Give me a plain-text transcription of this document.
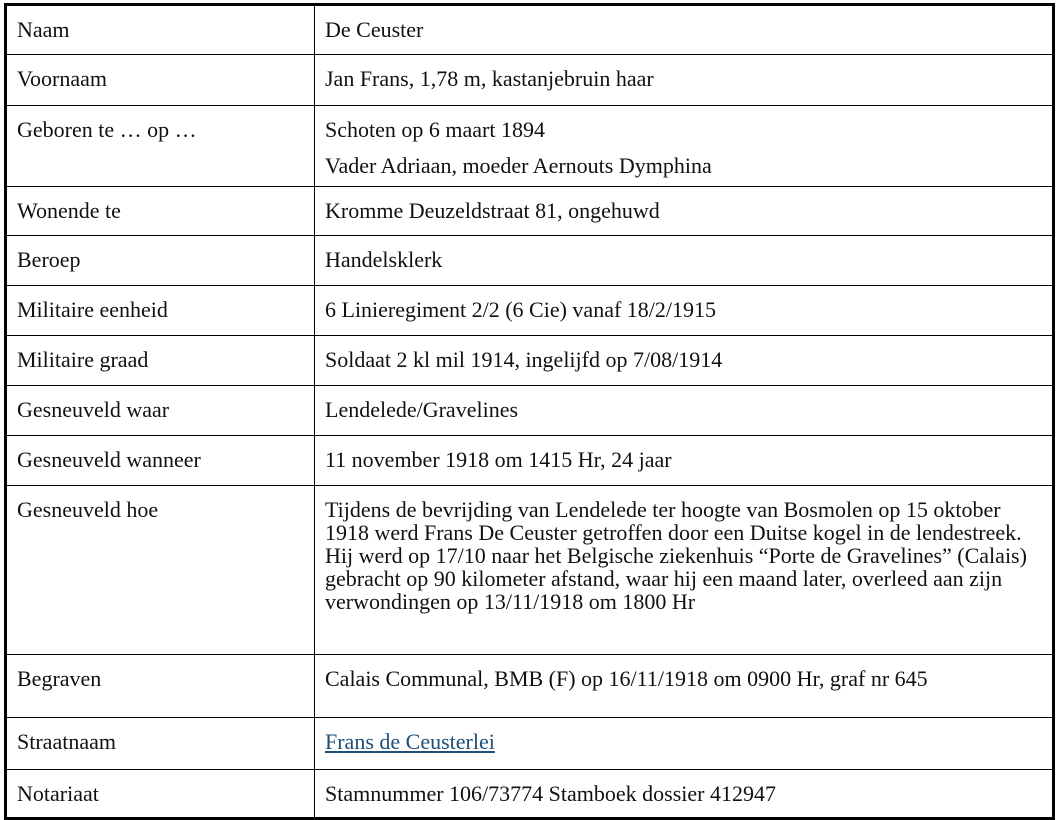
Naam	De Ceuster

Voornaam	Jan Frans, 1,78 m, kastanjebruin haar

Geboren te … op …	Schoten op 6 maart 1894
Vader Adriaan, moeder Aernouts Dymphina

Wonende te	Kromme Deuzeldstraat 81, ongehuwd

Beroep	Handelsklerk

Militaire eenheid	6 Linieregiment 2/2 (6 Cie) vanaf 18/2/1915

Militaire graad	Soldaat 2 kl mil 1914, ingelijfd op 7/08/1914

Gesneuveld waar	Lendelede/Gravelines

Gesneuveld wanneer	11 november 1918 om 1415 Hr, 24 jaar

Gesneuveld hoe	Tijdens de bevrijding van Lendelede ter hoogte van Bosmolen op 15 oktober 1918 werd Frans De Ceuster getroffen door een Duitse kogel in de lendestreek. Hij werd op 17/10 naar het Belgische ziekenhuis “Porte de Gravelines” (Calais) gebracht op 90 kilometer afstand, waar hij een maand later, overleed aan zijn verwondingen op 13/11/1918 om 1800 Hr

Begraven	Calais Communal, BMB (F) op 16/11/1918 om 0900 Hr, graf nr 645

Straatnaam	Frans de Ceusterlei

Notariaat	Stamnummer 106/73774 Stamboek dossier 412947
